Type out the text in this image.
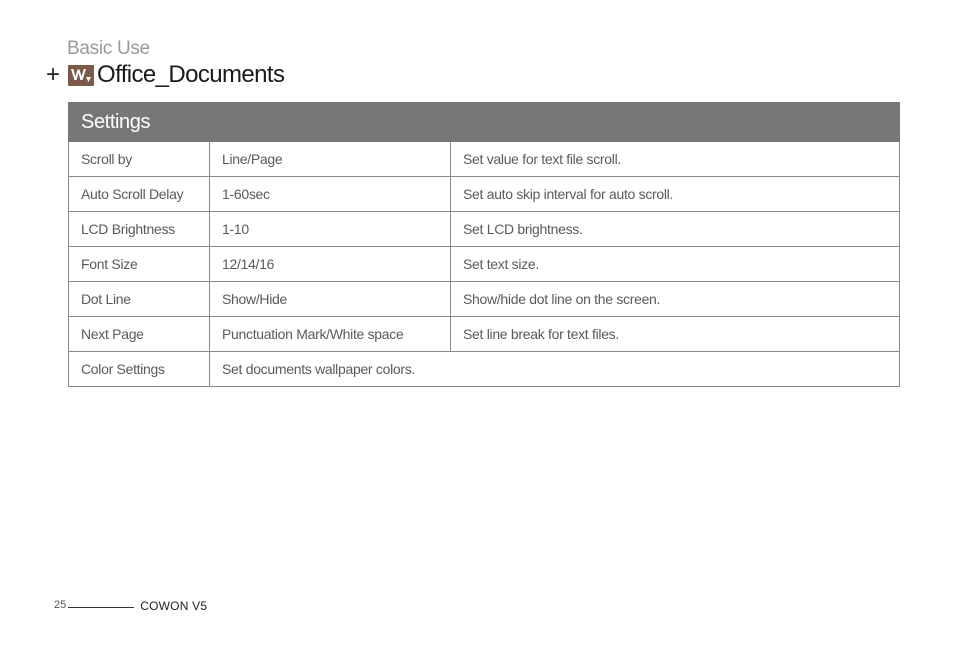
Basic Use
+ Office_Documents
Settings		
Scroll by	Line/Page	Set value for text file scroll.
Auto Scroll Delay	1-60sec	Set auto skip interval for auto scroll.
LCD Brightness	1-10	Set LCD brightness.
Font Size	12/14/16	Set text size.
Dot Line	Show/Hide	Show/hide dot line on the screen.
Next Page	Punctuation Mark/White space	Set line break for text files.
Color Settings	Set documents wallpaper colors.	
25	COWON V5
